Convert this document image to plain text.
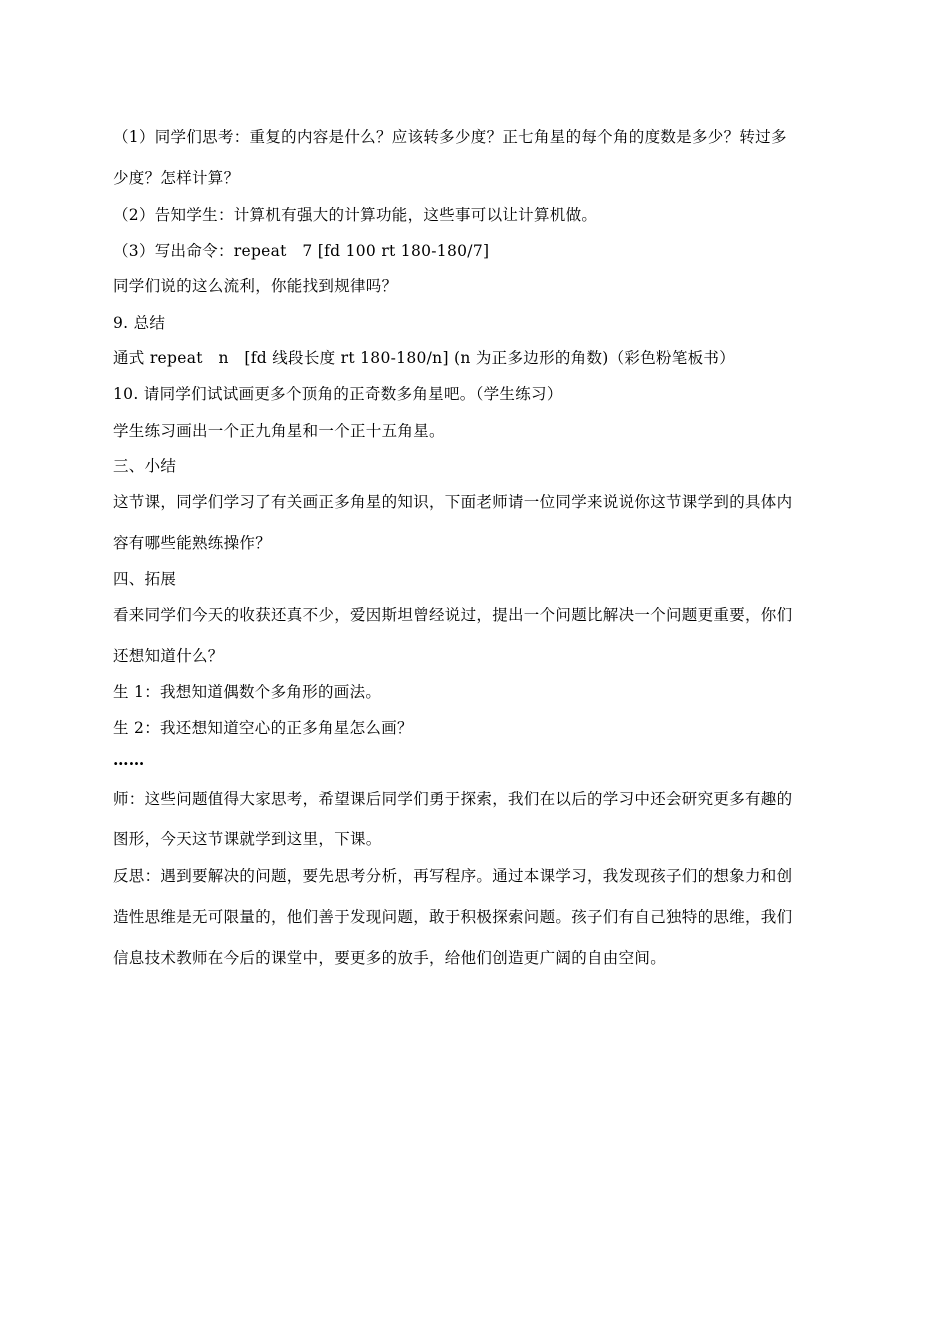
（1）同学们思考：重复的内容是什么？应该转多少度？正七角星的每个角的度数是多少？转过多
少度？怎样计算？
（2）告知学生：计算机有强大的计算功能，这些事可以让计算机做。
（3）写出命令：repeat   7 [fd 100 rt 180-180/7]
同学们说的这么流利，你能找到规律吗？
9. 总结
通式 repeat   n   [fd 线段长度 rt 180-180/n] (n 为正多边形的角数)（彩色粉笔板书）
10. 请同学们试试画更多个顶角的正奇数多角星吧。（学生练习）
学生练习画出一个正九角星和一个正十五角星。
三、小结
这节课，同学们学习了有关画正多角星的知识，下面老师请一位同学来说说你这节课学到的具体内
容有哪些能熟练操作？
四、拓展
看来同学们今天的收获还真不少，爱因斯坦曾经说过，提出一个问题比解决一个问题更重要，你们
还想知道什么？
生 1：我想知道偶数个多角形的画法。
生 2：我还想知道空心的正多角星怎么画？
……
师：这些问题值得大家思考，希望课后同学们勇于探索，我们在以后的学习中还会研究更多有趣的
图形，今天这节课就学到这里，下课。
反思：遇到要解决的问题，要先思考分析，再写程序。通过本课学习，我发现孩子们的想象力和创
造性思维是无可限量的，他们善于发现问题，敢于积极探索问题。孩子们有自己独特的思维，我们
信息技术教师在今后的课堂中，要更多的放手，给他们创造更广阔的自由空间。
